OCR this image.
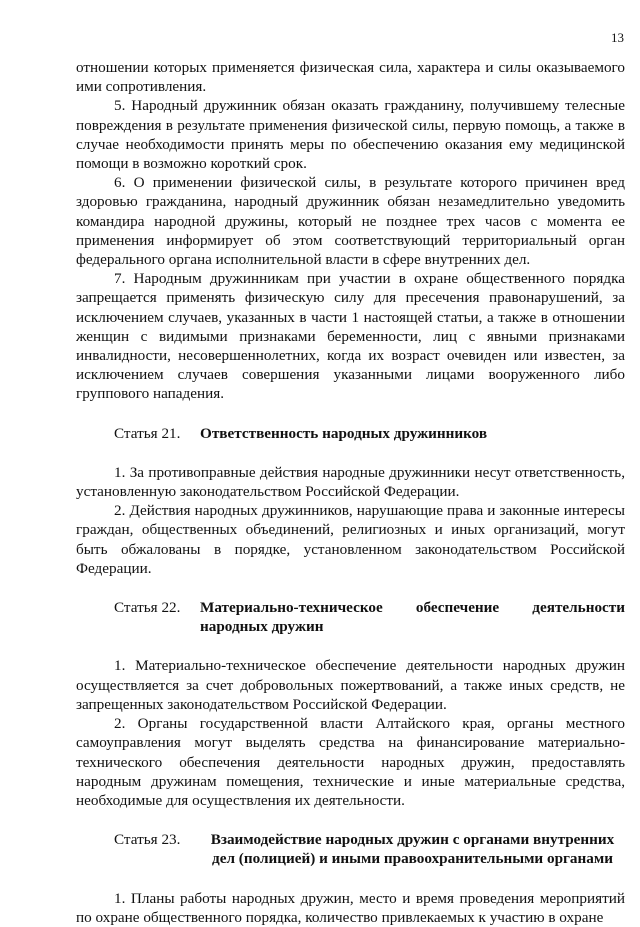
13

отношении которых применяется физическая сила, характера и силы оказываемого ими сопротивления.

5. Народный дружинник обязан оказать гражданину, получившему телесные повреждения в результате применения физической силы, первую помощь, а также в случае необходимости принять меры по обеспечению оказания ему медицинской помощи в возможно короткий срок.

6. О применении физической силы, в результате которого причинен вред здоровью гражданина, народный дружинник обязан незамедлительно уведомить командира народной дружины, который не позднее трех часов с момента ее применения информирует об этом соответствующий территориальный орган федерального органа исполнительной власти в сфере внутренних дел.

7. Народным дружинникам при участии в охране общественного порядка запрещается применять физическую силу для пресечения правонарушений, за исключением случаев, указанных в части 1 настоящей статьи, а также в отношении женщин с видимыми признаками беременности, лиц с явными признаками инвалидности, несовершеннолетних, когда их возраст очевиден или известен, за исключением случаев совершения указанными лицами вооруженного либо группового нападения.

Статья 21.	Ответственность народных дружинников

1. За противоправные действия народные дружинники несут ответственность, установленную законодательством Российской Федерации.

2. Действия народных дружинников, нарушающие права и законные интересы граждан, общественных объединений, религиозных и иных организаций, могут быть обжалованы в порядке, установленном законодательством Российской Федерации.

Статья 22.	Материально-техническое обеспечение деятельности народных дружин

1. Материально-техническое обеспечение деятельности народных дружин осуществляется за счет добровольных пожертвований, а также иных средств, не запрещенных законодательством Российской Федерации.

2. Органы государственной власти Алтайского края, органы местного самоуправления могут выделять средства на финансирование материально-технического обеспечения деятельности народных дружин, предоставлять народным дружинам помещения, технические и иные материальные средства, необходимые для осуществления их деятельности.

Статья 23.	Взаимодействие народных дружин с органами внутренних дел (полицией) и иными правоохранительными органами

1. Планы работы народных дружин, место и время проведения мероприятий по охране общественного порядка, количество привлекаемых к участию в охране
